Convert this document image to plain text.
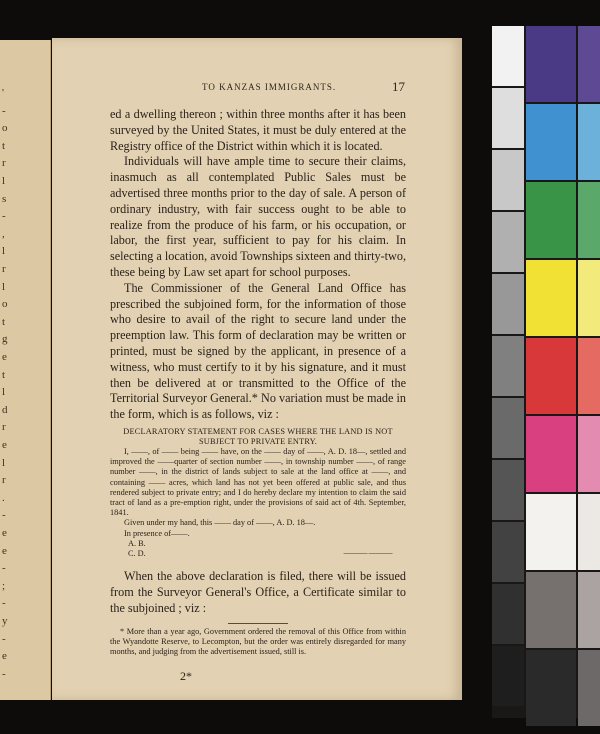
'
-
o
t
r
l
s
-
,
l
r
l
o
t
g
e
t
l
d
r
e
l
r
.
-
e
e
-
;
-
y
-
e
-
TO KANZAS IMMIGRANTS.	17

ed a dwelling thereon ; within three months after it has been surveyed by the United States, it must be duly entered at the Registry office of the District within which it is located.

Individuals will have ample time to secure their claims, inasmuch as all contemplated Public Sales must be advertised three months prior to the day of sale. A person of ordinary industry, with fair success ought to be able to realize from the produce of his farm, or his occupation, or labor, the first year, sufficient to pay for his claim. In selecting a location, avoid Townships sixteen and thirty-two, these being by Law set apart for school purposes.

The Commissioner of the General Land Office has prescribed the subjoined form, for the information of those who desire to avail of the right to secure land under the preemption law. This form of declaration may be written or printed, must be signed by the applicant, in presence of a witness, who must certify to it by his signature, and it must then be delivered at or transmitted to the Office of the Territorial Surveyor General.* No variation must be made in the form, which is as follows, viz :

DECLARATORY STATEMENT FOR CASES WHERE THE LAND IS NOT SUBJECT TO PRIVATE ENTRY.

I, ——, of —— being —— have, on the —— day of ——, A. D. 18—, settled and improved the ——quarter of section number ——, in township number ——, of range number ——, in the district of lands subject to sale at the land office at ——, and containing —— acres, which land has not yet been offered at public sale, and thus rendered subject to private entry; and I do hereby declare my intention to claim the said tract of land as a pre-emption right, under the provisions of said act of 4th. September, 1841.

Given under my hand, this —— day of ——, A. D. 18—.

In presence of——.

A. B.
C. D.	——— ———

When the above declaration is filed, there will be issued from the Surveyor General's Office, a Certificate similar to the subjoined ; viz :

* More than a year ago, Government ordered the removal of this Office from within the Wyandotte Reserve, to Lecompton, but the order was entirely disregarded for many months, and judging from the advertisement issued, still is.

2*
